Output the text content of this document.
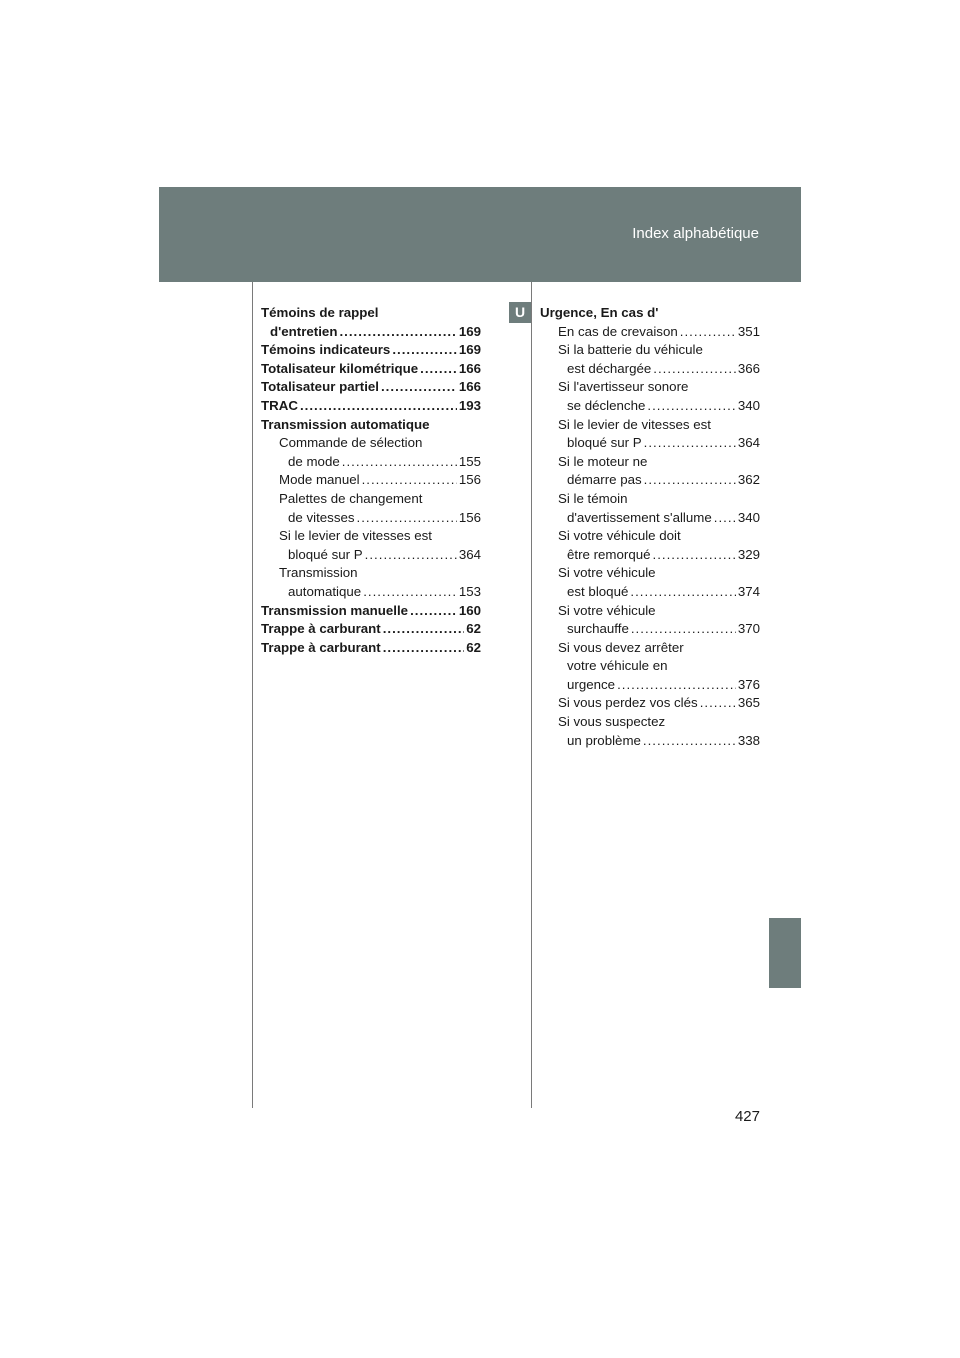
Index alphabétique
U
Témoins de rappel
d'entretien .....	169
Témoins indicateurs .....	169
Totalisateur kilométrique .....	166
Totalisateur partiel .....	166
TRAC .....	193
Transmission automatique
Commande de sélection
de mode .....	155
Mode manuel .....	156
Palettes de changement
de vitesses .....	156
Si le levier de vitesses est
bloqué sur P .....	364
Transmission
automatique .....	153
Transmission manuelle .....	160
Trappe à carburant .....	62
Trappe à carburant .....	62
Urgence, En cas d'
En cas de crevaison .....	351
Si la batterie du véhicule
est déchargée .....	366
Si l'avertisseur sonore
se déclenche .....	340
Si le levier de vitesses est
bloqué sur P .....	364
Si le moteur ne
démarre pas .....	362
Si le témoin
d'avertissement s'allume ..... 340
Si votre véhicule doit
être remorqué .....	329
Si votre véhicule
est bloqué .....	374
Si votre véhicule
surchauffe .....	370
Si vous devez arrêter
votre véhicule en
urgence .....	376
Si vous perdez vos clés .....	365
Si vous suspectez
un problème .....	338
427
